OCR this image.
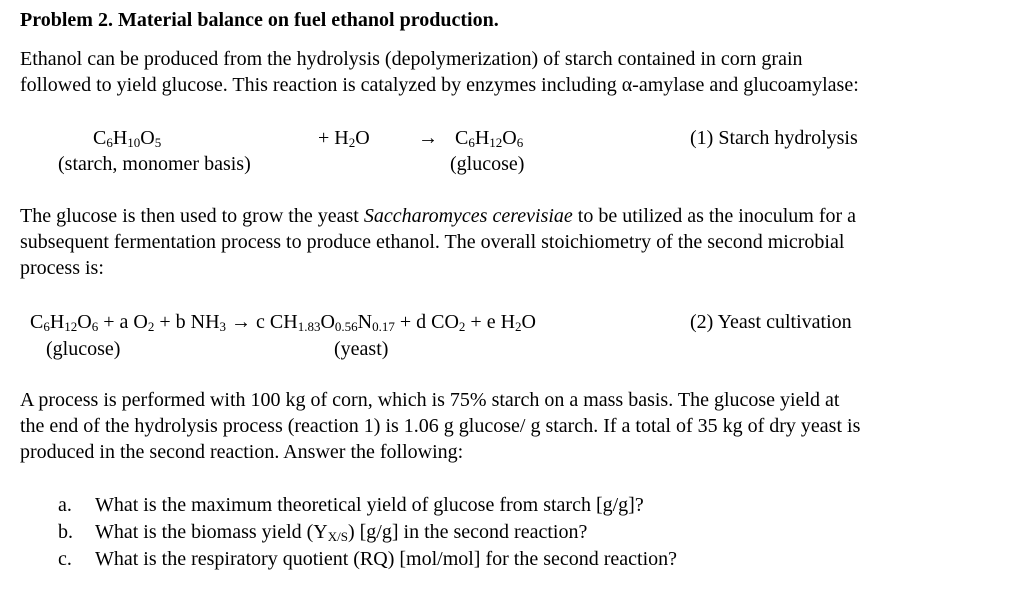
Problem 2. Material balance on fuel ethanol production.
Ethanol can be produced from the hydrolysis (depolymerization) of starch contained in corn grain
followed to yield glucose. This reaction is catalyzed by enzymes including α-amylase and glucoamylase:
$C_6H_{10}O_5$
(starch, monomer basis)
+ $H_2O \to C_6H_{12}O_6$
(glucose)
(1) Starch hydrolysis
The glucose is then used to grow the yeast Saccharomyces cerevisiae to be utilized as the inoculum for a
subsequent fermentation process to produce ethanol. The overall stoichiometry of the second microbial
process is:
$C_6H_{12}O_6 + a$ $O_2 + b$ $NH_3 \to c$ $CH_{1.83}O_{0.56}N_{0.17} + d$ $CO_2 + e$ $H_2O$
(glucose)	(yeast)
(2) Yeast cultivation
A process is performed with 100 kg of corn, which is 75% starch on a mass basis. The glucose yield at
the end of the hydrolysis process (reaction 1) is 1.06 g glucose/ g starch. If a total of 35 kg of dry yeast is
produced in the second reaction. Answer the following:
a. What is the maximum theoretical yield of glucose from starch [g/g]?
b. What is the biomass yield $(Y_{X/S})$ [g/g] in the second reaction?
c. What is the respiratory quotient (RQ) [mol/mol] for the second reaction?
